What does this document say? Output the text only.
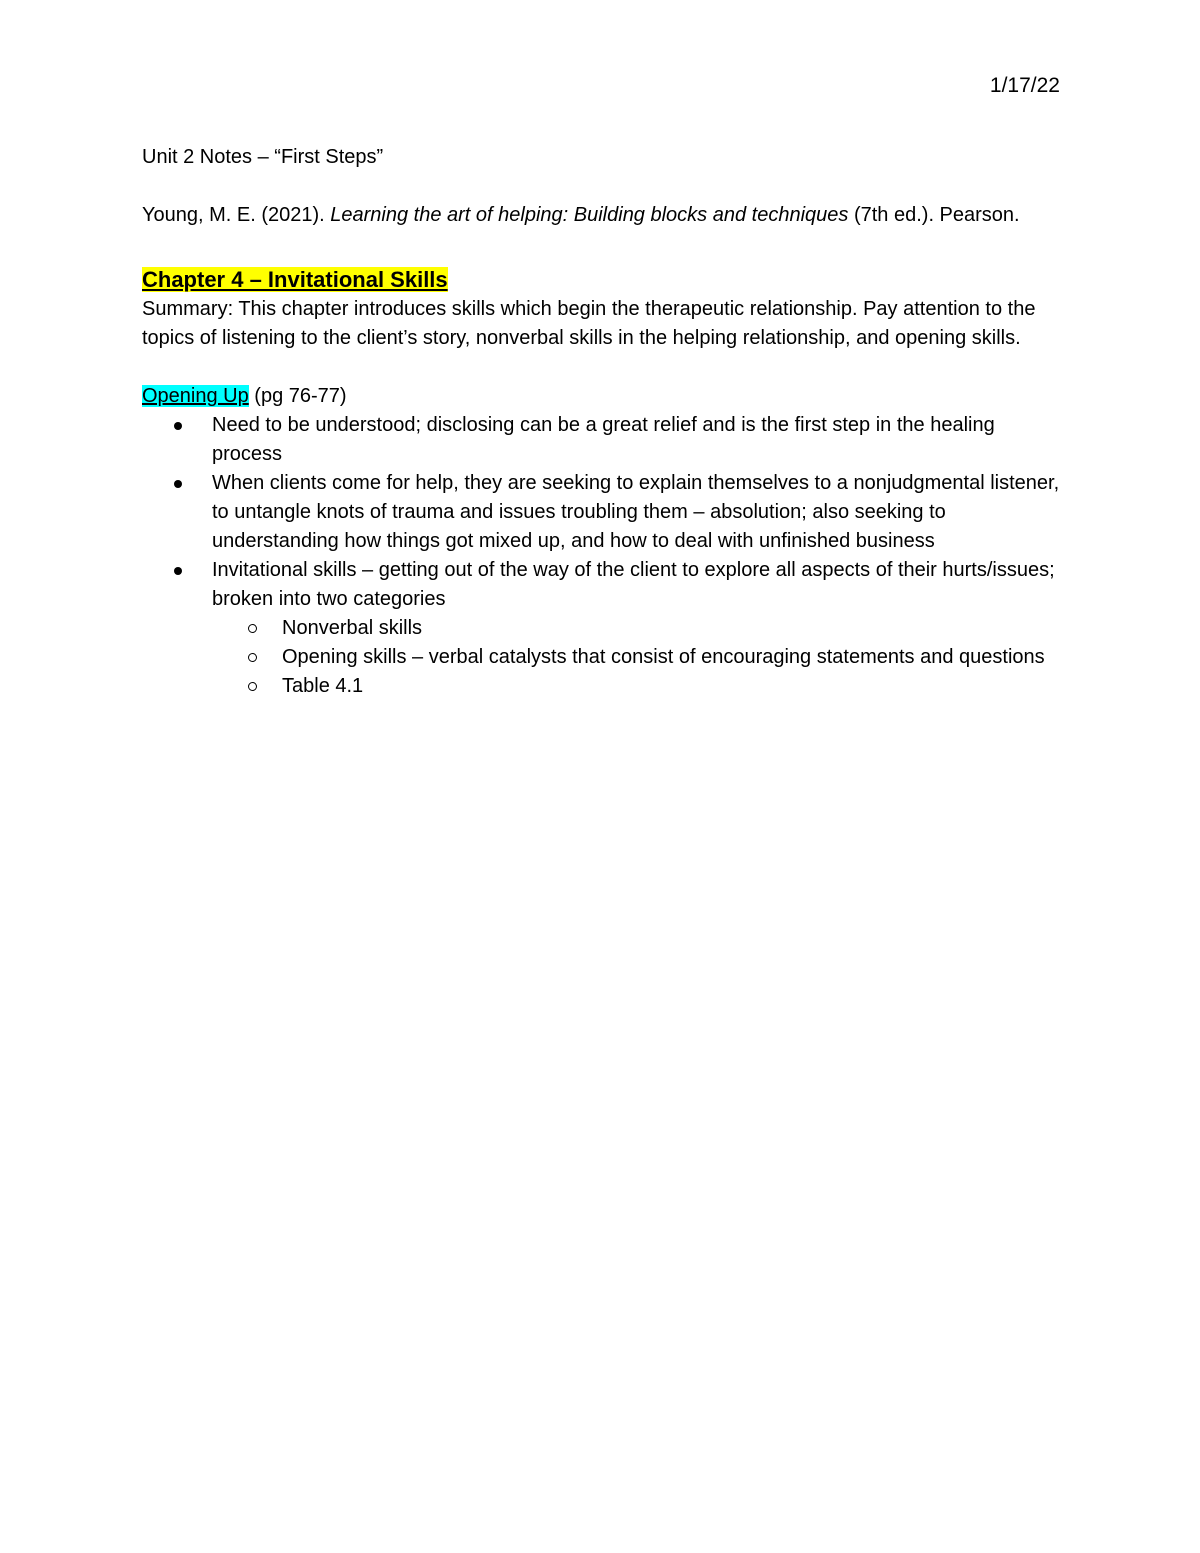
1/17/22

Unit 2 Notes – “First Steps”

Young, M. E. (2021). Learning the art of helping: Building blocks and techniques (7th ed.). Pearson.

Chapter 4 – Invitational Skills

Summary: This chapter introduces skills which begin the therapeutic relationship. Pay attention to the topics of listening to the client’s story, nonverbal skills in the helping relationship, and opening skills.

Opening Up (pg 76-77)

Need to be understood; disclosing can be a great relief and is the first step in the healing process
When clients come for help, they are seeking to explain themselves to a nonjudgmental listener, to untangle knots of trauma and issues troubling them – absolution; also seeking to understanding how things got mixed up, and how to deal with unfinished business
Invitational skills – getting out of the way of the client to explore all aspects of their hurts/issues; broken into two categories
Nonverbal skills
Opening skills – verbal catalysts that consist of encouraging statements and questions
Table 4.1
